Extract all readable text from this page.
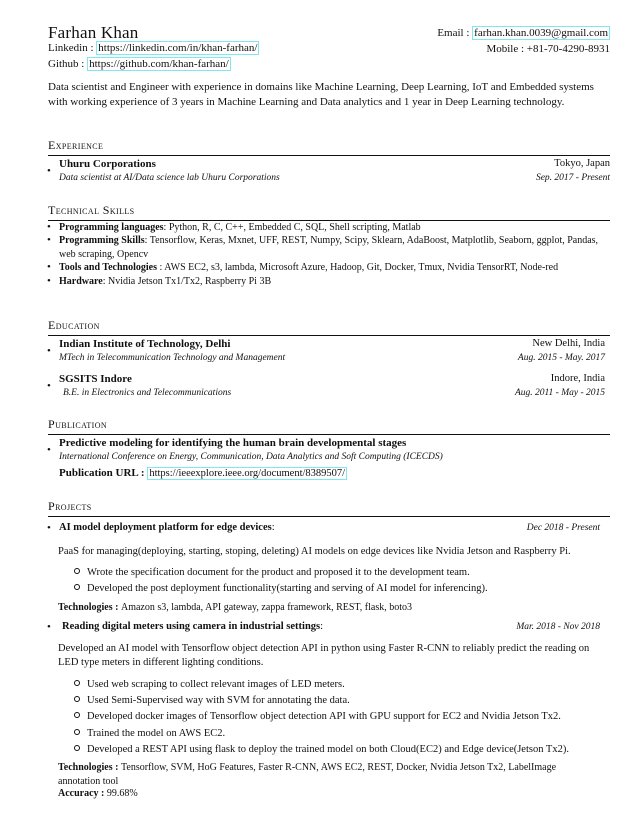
Farhan Khan	Email : farhan.khan.0039@gmail.com
Mobile : +81-70-4290-8931
Linkedin : https://linkedin.com/in/khan-farhan/
Github : https://github.com/khan-farhan/
Data scientist and Engineer with experience in domains like Machine Learning, Deep Learning, IoT and Embedded systems with working experience of 3 years in Machine Learning and Data analytics and 1 year in Deep Learning technology.
Experience
•
Uhuru Corporations	Tokyo, Japan
Data scientist at AI/Data science lab Uhuru Corporations	Sep. 2017 - Present
Technical Skills
• Programming languages: Python, R, C, C++, Embedded C, SQL, Shell scripting, Matlab
• Programming Skills: Tensorflow, Keras, Mxnet, UFF, REST, Numpy, Scipy, Sklearn, AdaBoost, Matplotlib, Seaborn, ggplot, Pandas, web scraping, Opencv
• Tools and Technologies : AWS EC2, s3, lambda, Microsoft Azure, Hadoop, Git, Docker, Tmux, Nvidia TensorRT, Node-red
• Hardware: Nvidia Jetson Tx1/Tx2, Raspberry Pi 3B
Education
•
Indian Institute of Technology, Delhi	New Delhi, India
MTech in Telecommunication Technology and Management	Aug. 2015 - May. 2017
•
SGSITS Indore	Indore, India
B.E. in Electronics and Telecommunications	Aug. 2011 - May - 2015
Publication
•
Predictive modeling for identifying the human brain developmental stages
International Conference on Energy, Communication, Data Analytics and Soft Computing (ICECDS)
Publication URL : https://ieeexplore.ieee.org/document/8389507/
Projects
• AI model deployment platform for edge devices:	Dec 2018 - Present
PaaS for managing(deploying, starting, stoping, deleting) AI models on edge devices like Nvidia Jetson and Raspberry Pi.
Wrote the specification document for the product and proposed it to the development team.
Developed the post deployment functionality(starting and serving of AI model for inferencing).
Technologies : Amazon s3, lambda, API gateway, zappa framework, REST, flask, boto3
• Reading digital meters using camera in industrial settings:	Mar. 2018 - Nov 2018
Developed an AI model with Tensorflow object detection API in python using Faster R-CNN to reliably predict the reading on LED type meters in different lighting conditions.
Used web scraping to collect relevant images of LED meters.
Used Semi-Supervised way with SVM for annotating the data.
Developed docker images of Tensorflow object detection API with GPU support for EC2 and Nvidia Jetson Tx2.
Trained the model on AWS EC2.
Developed a REST API using flask to deploy the trained model on both Cloud(EC2) and Edge device(Jetson Tx2).
Technologies : Tensorflow, SVM, HoG Features, Faster R-CNN, AWS EC2, REST, Docker, Nvidia Jetson Tx2, LabelImage annotation tool
Accuracy : 99.68%
